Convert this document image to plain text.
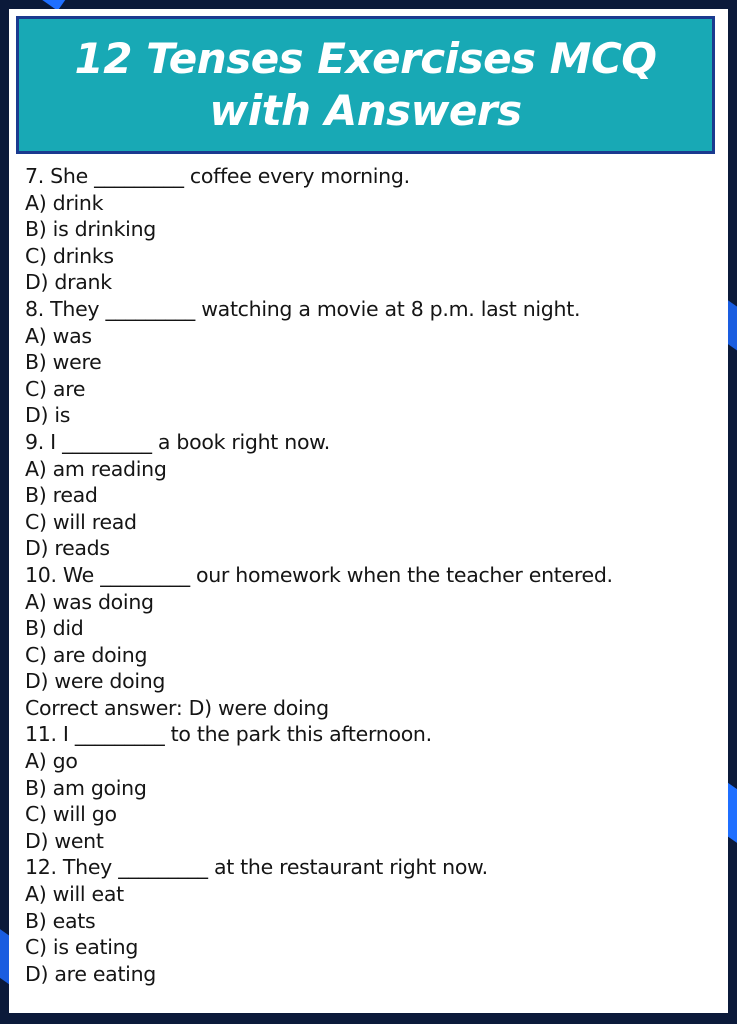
12 Tenses Exercises MCQ with Answers
7. She _________ coffee every morning.
A) drink
B) is drinking
C) drinks
D) drank
8. They _________ watching a movie at 8 p.m. last night.
A) was
B) were
C) are
D) is
9. I _________ a book right now.
A) am reading
B) read
C) will read
D) reads
10. We _________ our homework when the teacher entered.
A) was doing
B) did
C) are doing
D) were doing
Correct answer: D) were doing
11. I _________ to the park this afternoon.
A) go
B) am going
C) will go
D) went
12. They _________ at the restaurant right now.
A) will eat
B) eats
C) is eating
D) are eating
